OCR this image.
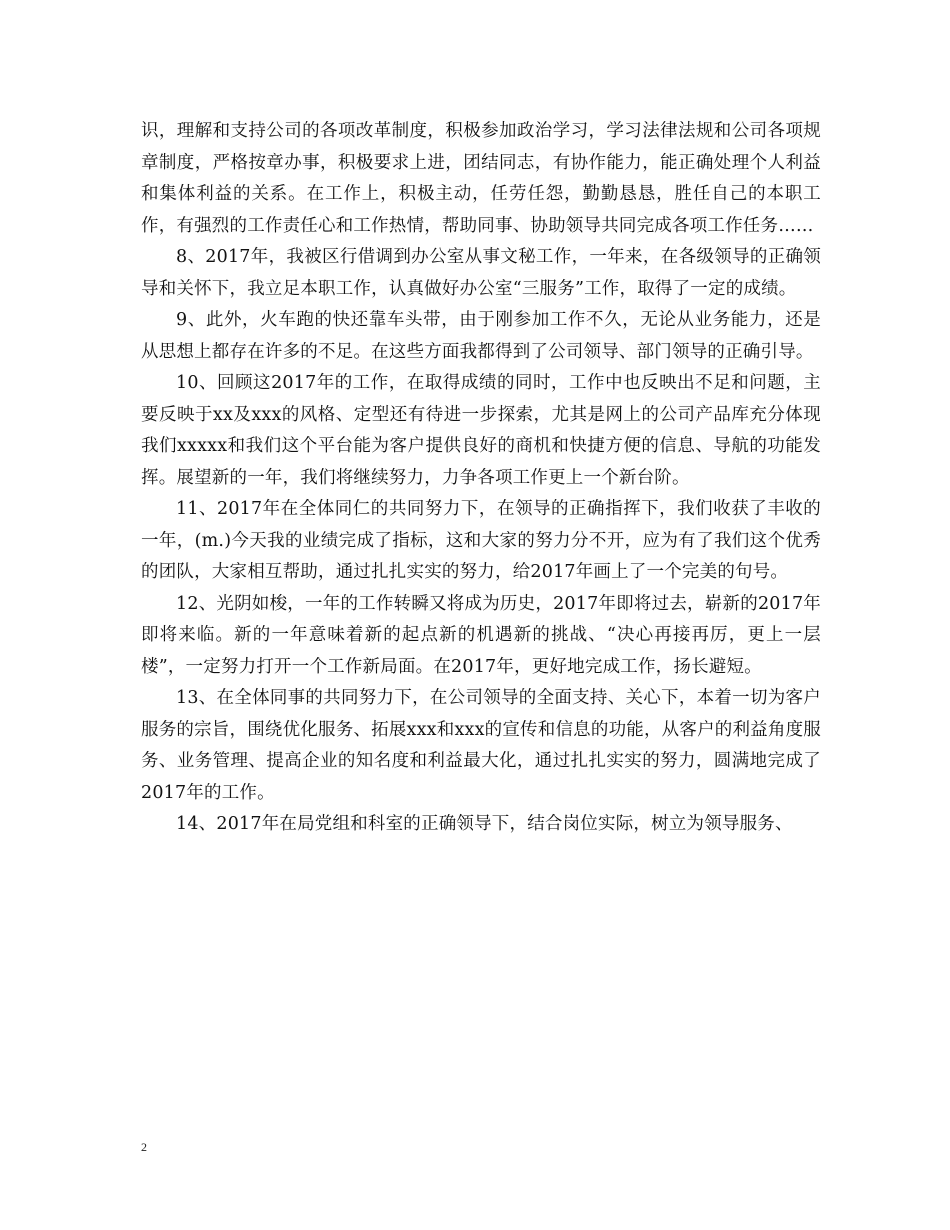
识，理解和支持公司的各项改革制度，积极参加政治学习，学习法律法规和公司各项规章制度，严格按章办事，积极要求上进，团结同志，有协作能力，能正确处理个人利益和集体利益的关系。在工作上，积极主动，任劳任怨，勤勤恳恳，胜任自己的本职工作，有强烈的工作责任心和工作热情，帮助同事、协助领导共同完成各项工作任务……

8、2017年，我被区行借调到办公室从事文秘工作，一年来，在各级领导的正确领导和关怀下，我立足本职工作，认真做好办公室“三服务”工作，取得了一定的成绩。

9、此外，火车跑的快还靠车头带，由于刚参加工作不久，无论从业务能力，还是从思想上都存在许多的不足。在这些方面我都得到了公司领导、部门领导的正确引导。

10、回顾这2017年的工作，在取得成绩的同时，工作中也反映出不足和问题，主要反映于xx及xxx的风格、定型还有待进一步探索，尤其是网上的公司产品库充分体现我们xxxxx和我们这个平台能为客户提供良好的商机和快捷方便的信息、导航的功能发挥。展望新的一年，我们将继续努力，力争各项工作更上一个新台阶。

11、2017年在全体同仁的共同努力下，在领导的正确指挥下，我们收获了丰收的一年，(m.)今天我的业绩完成了指标，这和大家的努力分不开，应为有了我们这个优秀的团队，大家相互帮助，通过扎扎实实的努力，给2017年画上了一个完美的句号。

12、光阴如梭，一年的工作转瞬又将成为历史，2017年即将过去，崭新的2017年即将来临。新的一年意味着新的起点新的机遇新的挑战、“决心再接再厉，更上一层楼”，一定努力打开一个工作新局面。在2017年，更好地完成工作，扬长避短。

13、在全体同事的共同努力下，在公司领导的全面支持、关心下，本着一切为客户服务的宗旨，围绕优化服务、拓展xxx和xxx的宣传和信息的功能，从客户的利益角度服务、业务管理、提高企业的知名度和利益最大化，通过扎扎实实的努力，圆满地完成了2017年的工作。

14、2017年在局党组和科室的正确领导下，结合岗位实际，树立为领导服务、

2
